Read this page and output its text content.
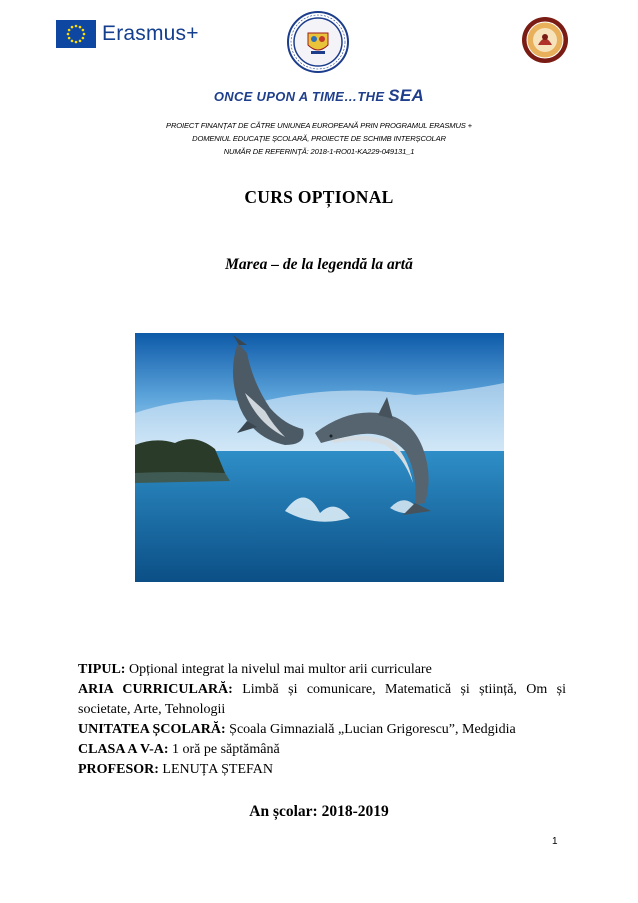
Erasmus+
ONCE UPON A TIME…THE SEA
PROIECT FINANȚAT DE CĂTRE UNIUNEA EUROPEANĂ PRIN PROGRAMUL ERASMUS +
DOMENIUL EDUCAȚIE ȘCOLARĂ, PROIECTE DE SCHIMB INTERȘCOLAR
NUMĂR DE REFERINȚĂ: 2018-1-RO01-KA229-049131_1
CURS OPȚIONAL
Marea – de la legendă la artă
TIPUL: Opțional integrat la nivelul mai multor arii curriculare
ARIA CURRICULARĂ: Limbă și comunicare, Matematică și știință, Om și
societate, Arte, Tehnologii
UNITATEA ȘCOLARĂ: Școala Gimnazială „Lucian Grigorescu”, Medgidia
CLASA A V-A: 1 oră pe săptămână
PROFESOR: LENUȚA ȘTEFAN
An școlar: 2018-2019
1
